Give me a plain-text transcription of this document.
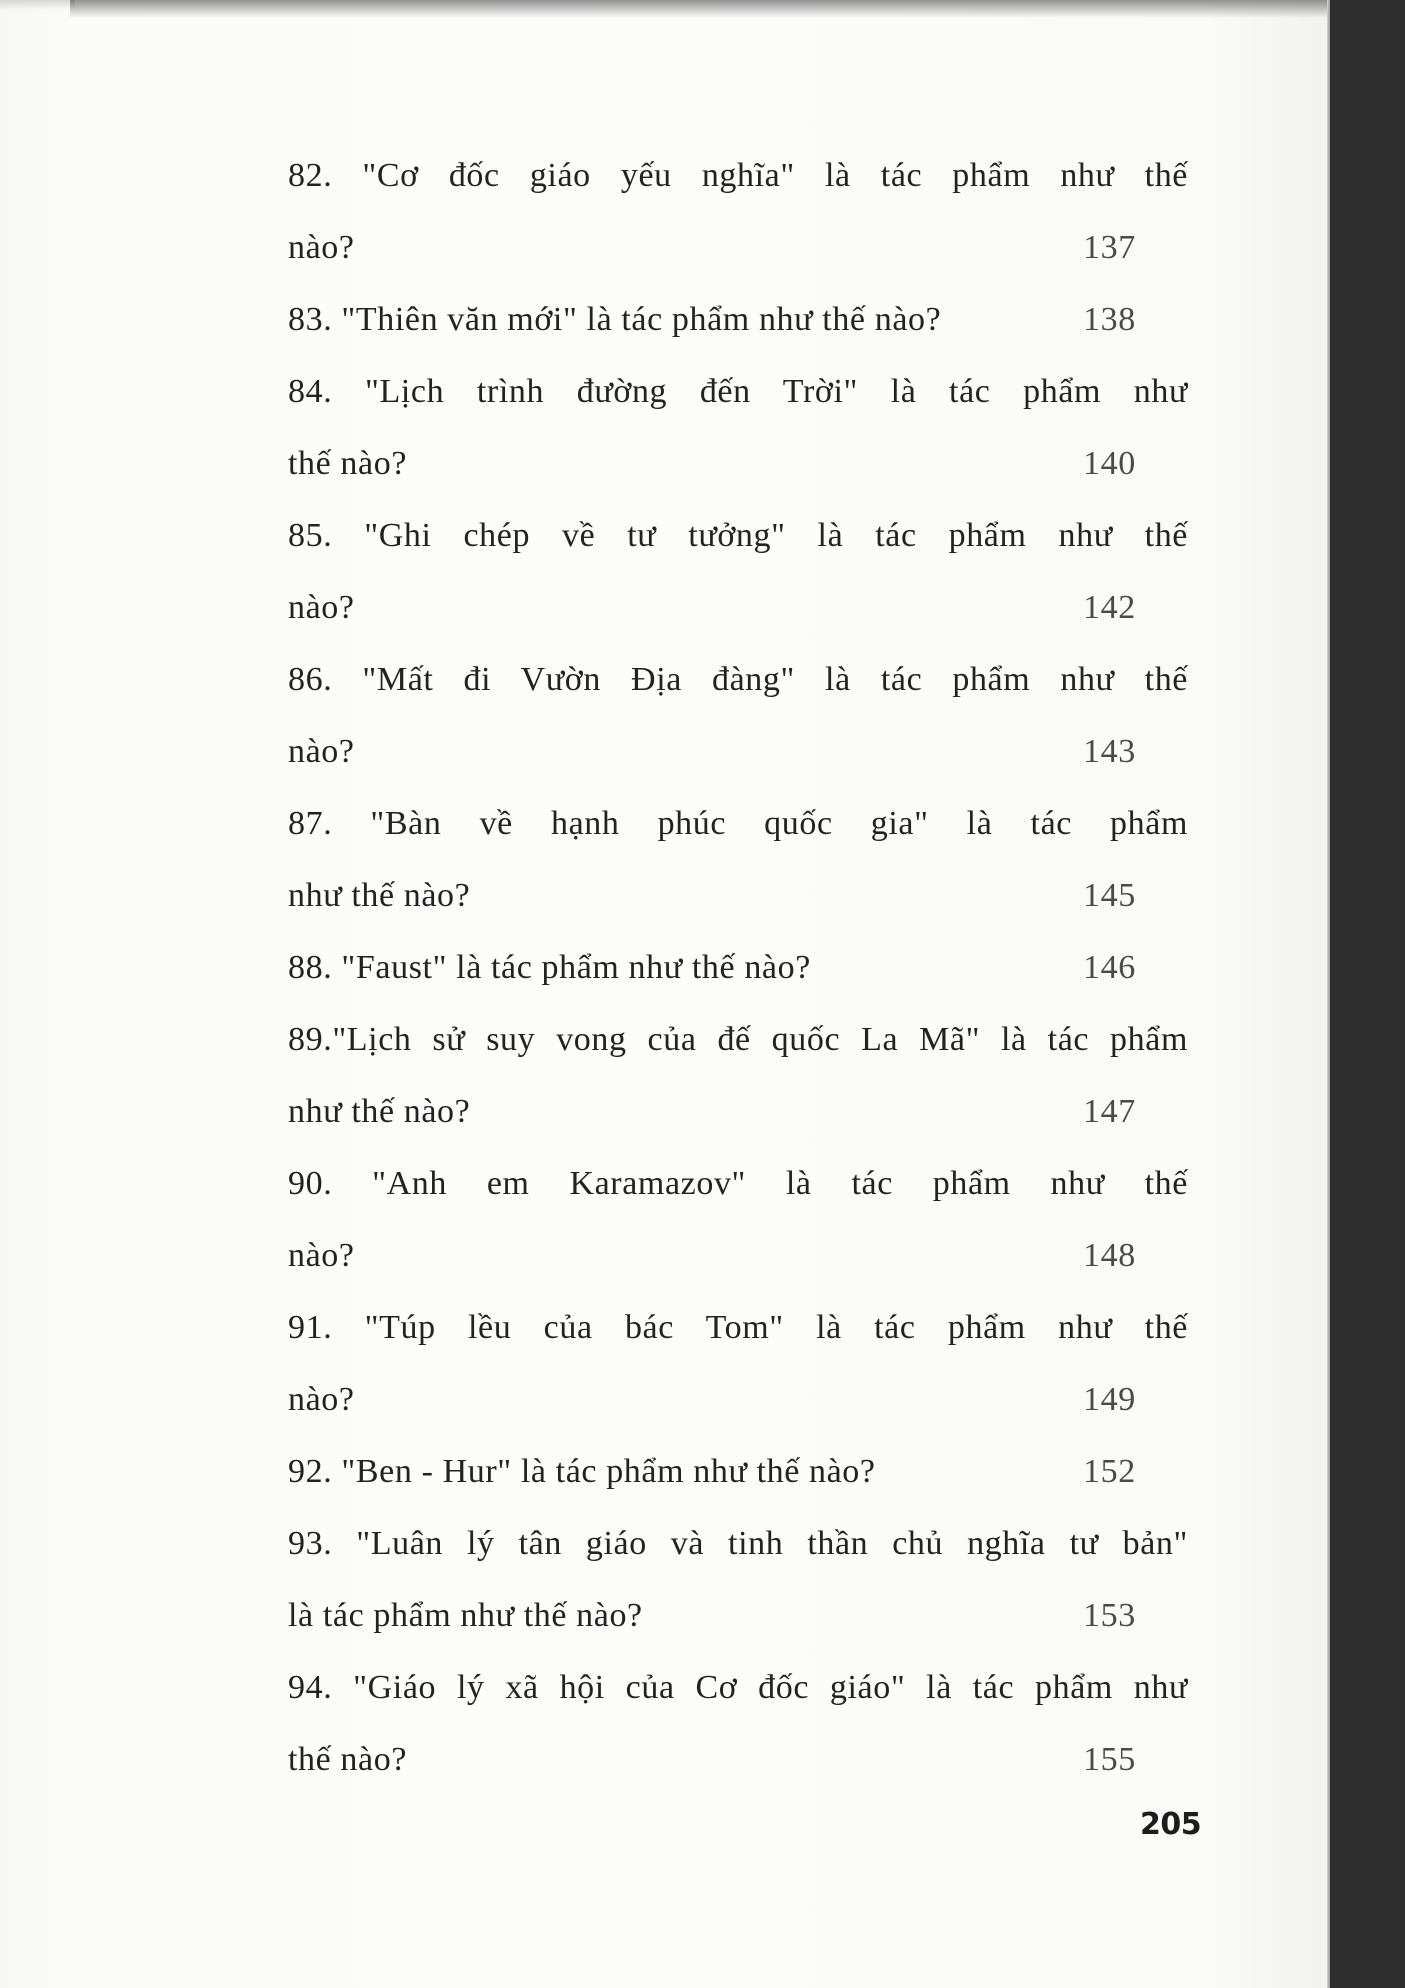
82. "Cơ đốc giáo yếu nghĩa" là tác phẩm như thế
nào?	137
83. "Thiên văn mới" là tác phẩm như thế nào?	138
84. "Lịch trình đường đến Trời" là tác phẩm như
thế nào?	140
85. "Ghi chép về tư tưởng" là tác phẩm như thế
nào?	142
86. "Mất đi Vườn Địa đàng" là tác phẩm như thế
nào?	143
87. "Bàn về hạnh phúc quốc gia" là tác phẩm
như thế nào?	145
88. "Faust" là tác phẩm như thế nào?	146
89."Lịch sử suy vong của đế quốc La Mã" là tác phẩm
như thế nào?	147
90. "Anh em Karamazov" là tác phẩm như thế
nào?	148
91. "Túp lều của bác Tom" là tác phẩm như thế
nào?	149
92. "Ben - Hur" là tác phẩm như thế nào?	152
93. "Luân lý tân giáo và tinh thần chủ nghĩa tư bản"
là tác phẩm như thế nào?	153
94. "Giáo lý xã hội của Cơ đốc giáo" là tác phẩm như
thế nào?	155
205
